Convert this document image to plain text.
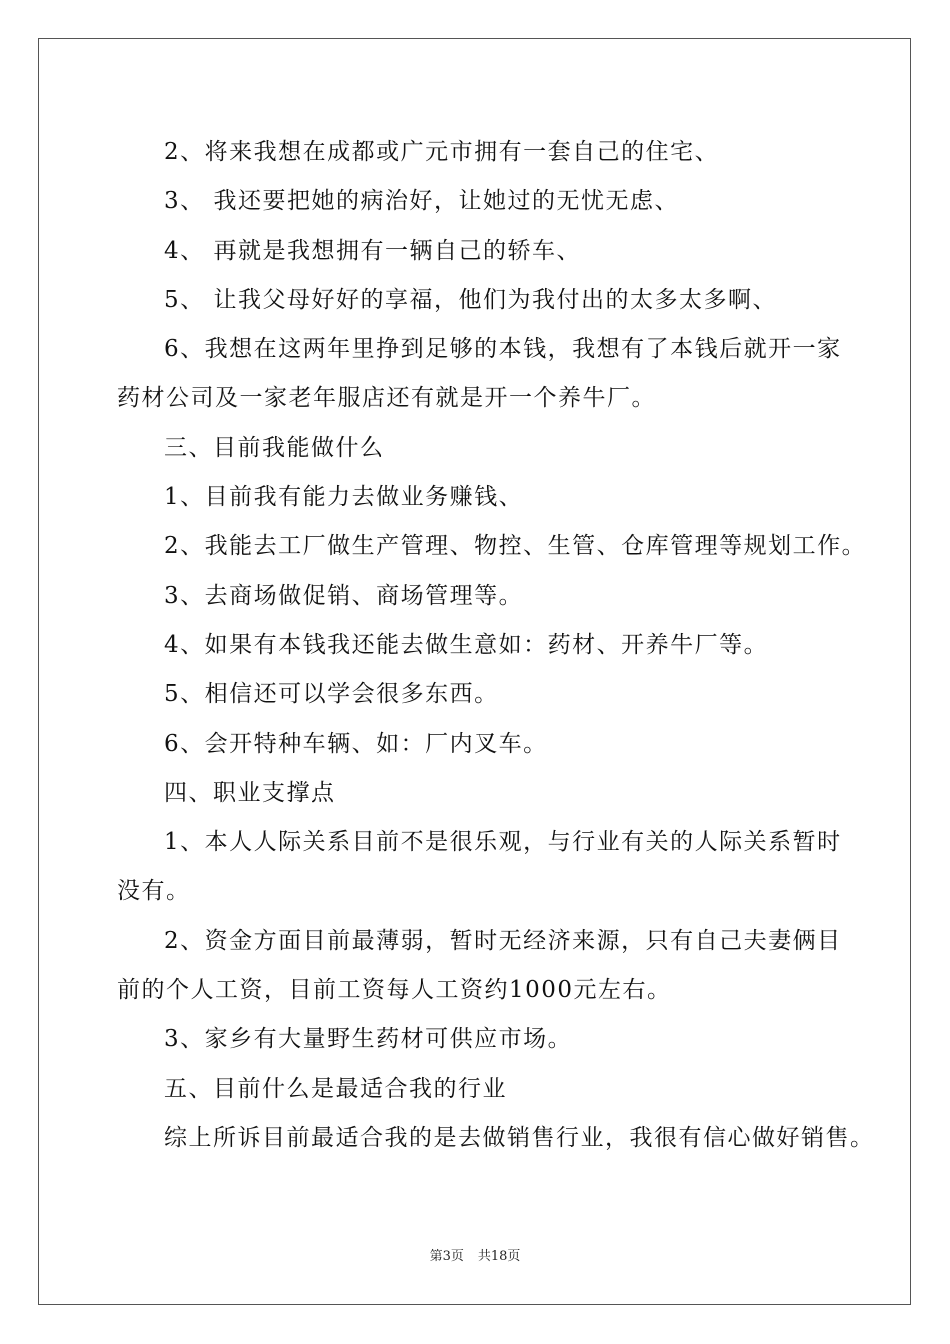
2、将来我想在成都或广元市拥有一套自己的住宅、
3、 我还要把她的病治好，让她过的无忧无虑、
4、 再就是我想拥有一辆自己的轿车、
5、 让我父母好好的享福，他们为我付出的太多太多啊、
6、我想在这两年里挣到足够的本钱，我想有了本钱后就开一家
药材公司及一家老年服店还有就是开一个养牛厂。
三、目前我能做什么
1、目前我有能力去做业务赚钱、
2、我能去工厂做生产管理、物控、生管、仓库管理等规划工作。
3、去商场做促销、商场管理等。
4、如果有本钱我还能去做生意如：药材、开养牛厂等。
5、相信还可以学会很多东西。
6、会开特种车辆、如：厂内叉车。
四、职业支撑点
1、本人人际关系目前不是很乐观，与行业有关的人际关系暂时
没有。
2、资金方面目前最薄弱，暂时无经济来源，只有自己夫妻俩目
前的个人工资，目前工资每人工资约1000元左右。
3、家乡有大量野生药材可供应市场。
五、目前什么是最适合我的行业
综上所诉目前最适合我的是去做销售行业，我很有信心做好销售。
第3页 共18页
